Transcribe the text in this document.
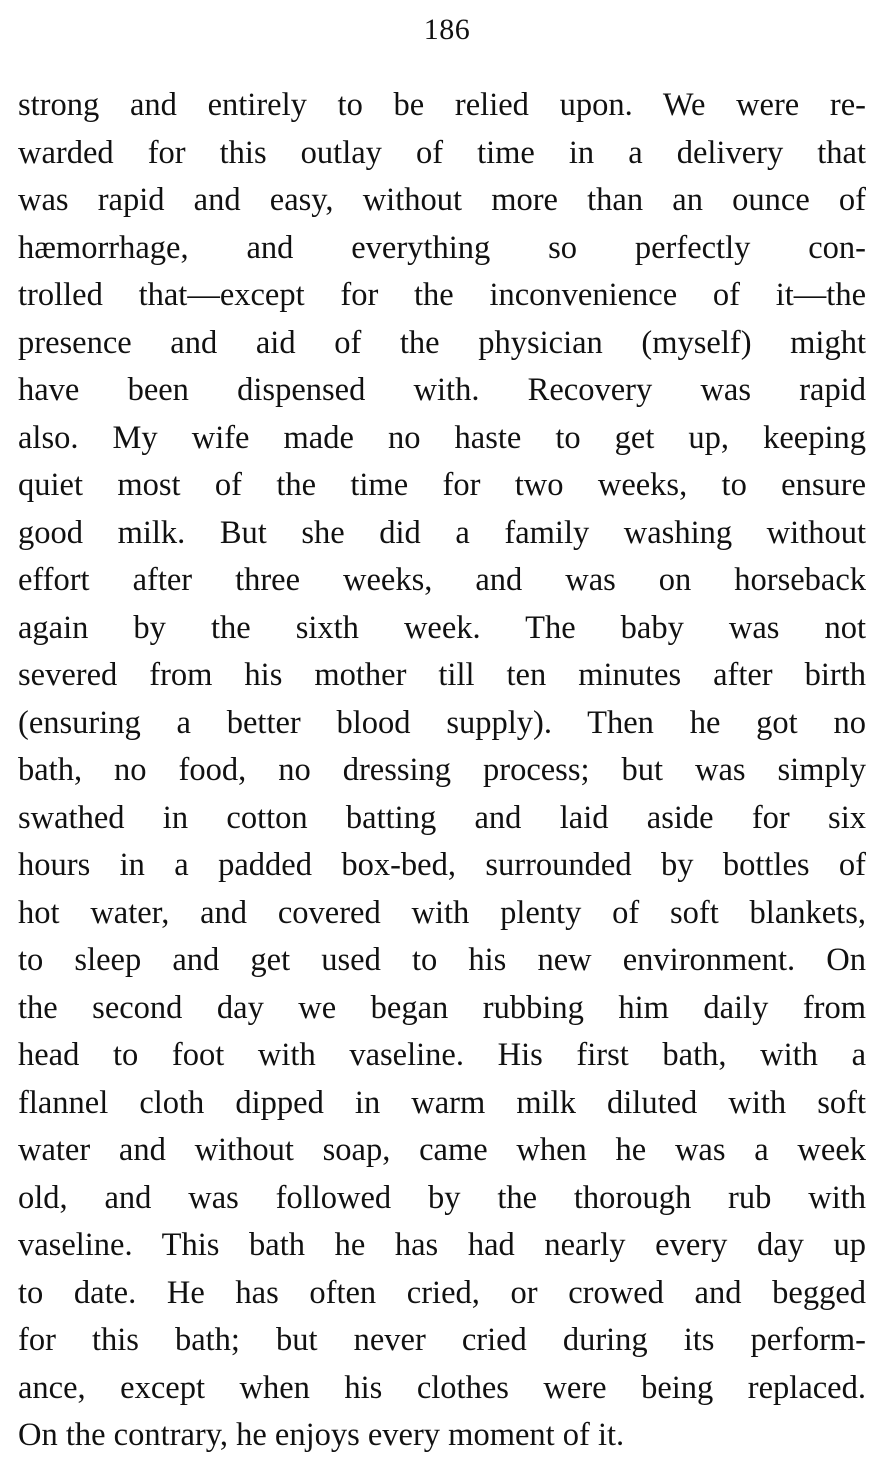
186
strong and entirely to be relied upon. We were re-
warded for this outlay of time in a delivery that
was rapid and easy, without more than an ounce of
hæmorrhage, and everything so perfectly con-
trolled that—except for the inconvenience of it—the
presence and aid of the physician (myself) might
have been dispensed with. Recovery was rapid
also. My wife made no haste to get up, keeping
quiet most of the time for two weeks, to ensure
good milk. But she did a family washing without
effort after three weeks, and was on horseback
again by the sixth week. The baby was not
severed from his mother till ten minutes after birth
(ensuring a better blood supply). Then he got no
bath, no food, no dressing process; but was simply
swathed in cotton batting and laid aside for six
hours in a padded box-bed, surrounded by bottles of
hot water, and covered with plenty of soft blankets,
to sleep and get used to his new environment. On
the second day we began rubbing him daily from
head to foot with vaseline. His first bath, with a
flannel cloth dipped in warm milk diluted with soft
water and without soap, came when he was a week
old, and was followed by the thorough rub with
vaseline. This bath he has had nearly every day up
to date. He has often cried, or crowed and begged
for this bath; but never cried during its perform-
ance, except when his clothes were being replaced.
On the contrary, he enjoys every moment of it.
